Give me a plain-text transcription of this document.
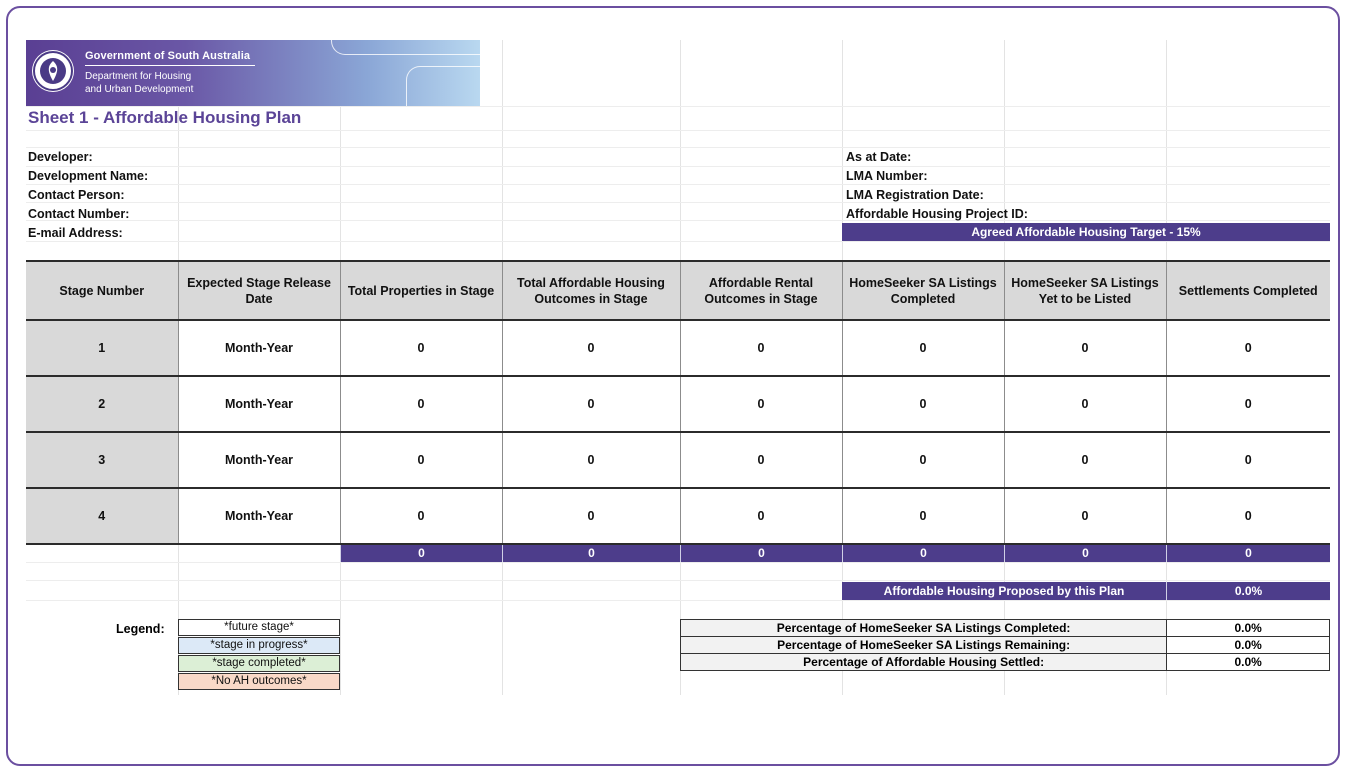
Government of South Australia
Department for Housing
and Urban Development
Sheet 1 - Affordable Housing Plan
Developer:
Development Name:
Contact Person:
Contact Number:
E-mail Address:
As at Date:
LMA Number:
LMA Registration Date:
Affordable Housing Project ID:
Agreed Affordable Housing Target - 15%
Stage Number	Expected Stage Release Date	Total Properties in Stage	Total Affordable Housing Outcomes in Stage	Affordable Rental Outcomes in Stage	HomeSeeker SA Listings Completed	HomeSeeker SA Listings Yet to be Listed	Settlements Completed
1	Month-Year	0	0	0	0	0	0
2	Month-Year	0	0	0	0	0	0
3	Month-Year	0	0	0	0	0	0
4	Month-Year	0	0	0	0	0	0
0	0	0	0	0	0
Affordable Housing Proposed by this Plan	0.0%
Legend:	*future stage*
*stage in progress*
*stage completed*
*No AH outcomes*
Percentage of HomeSeeker SA Listings Completed:	0.0%
Percentage of HomeSeeker SA Listings Remaining:	0.0%
Percentage of Affordable Housing Settled:	0.0%
